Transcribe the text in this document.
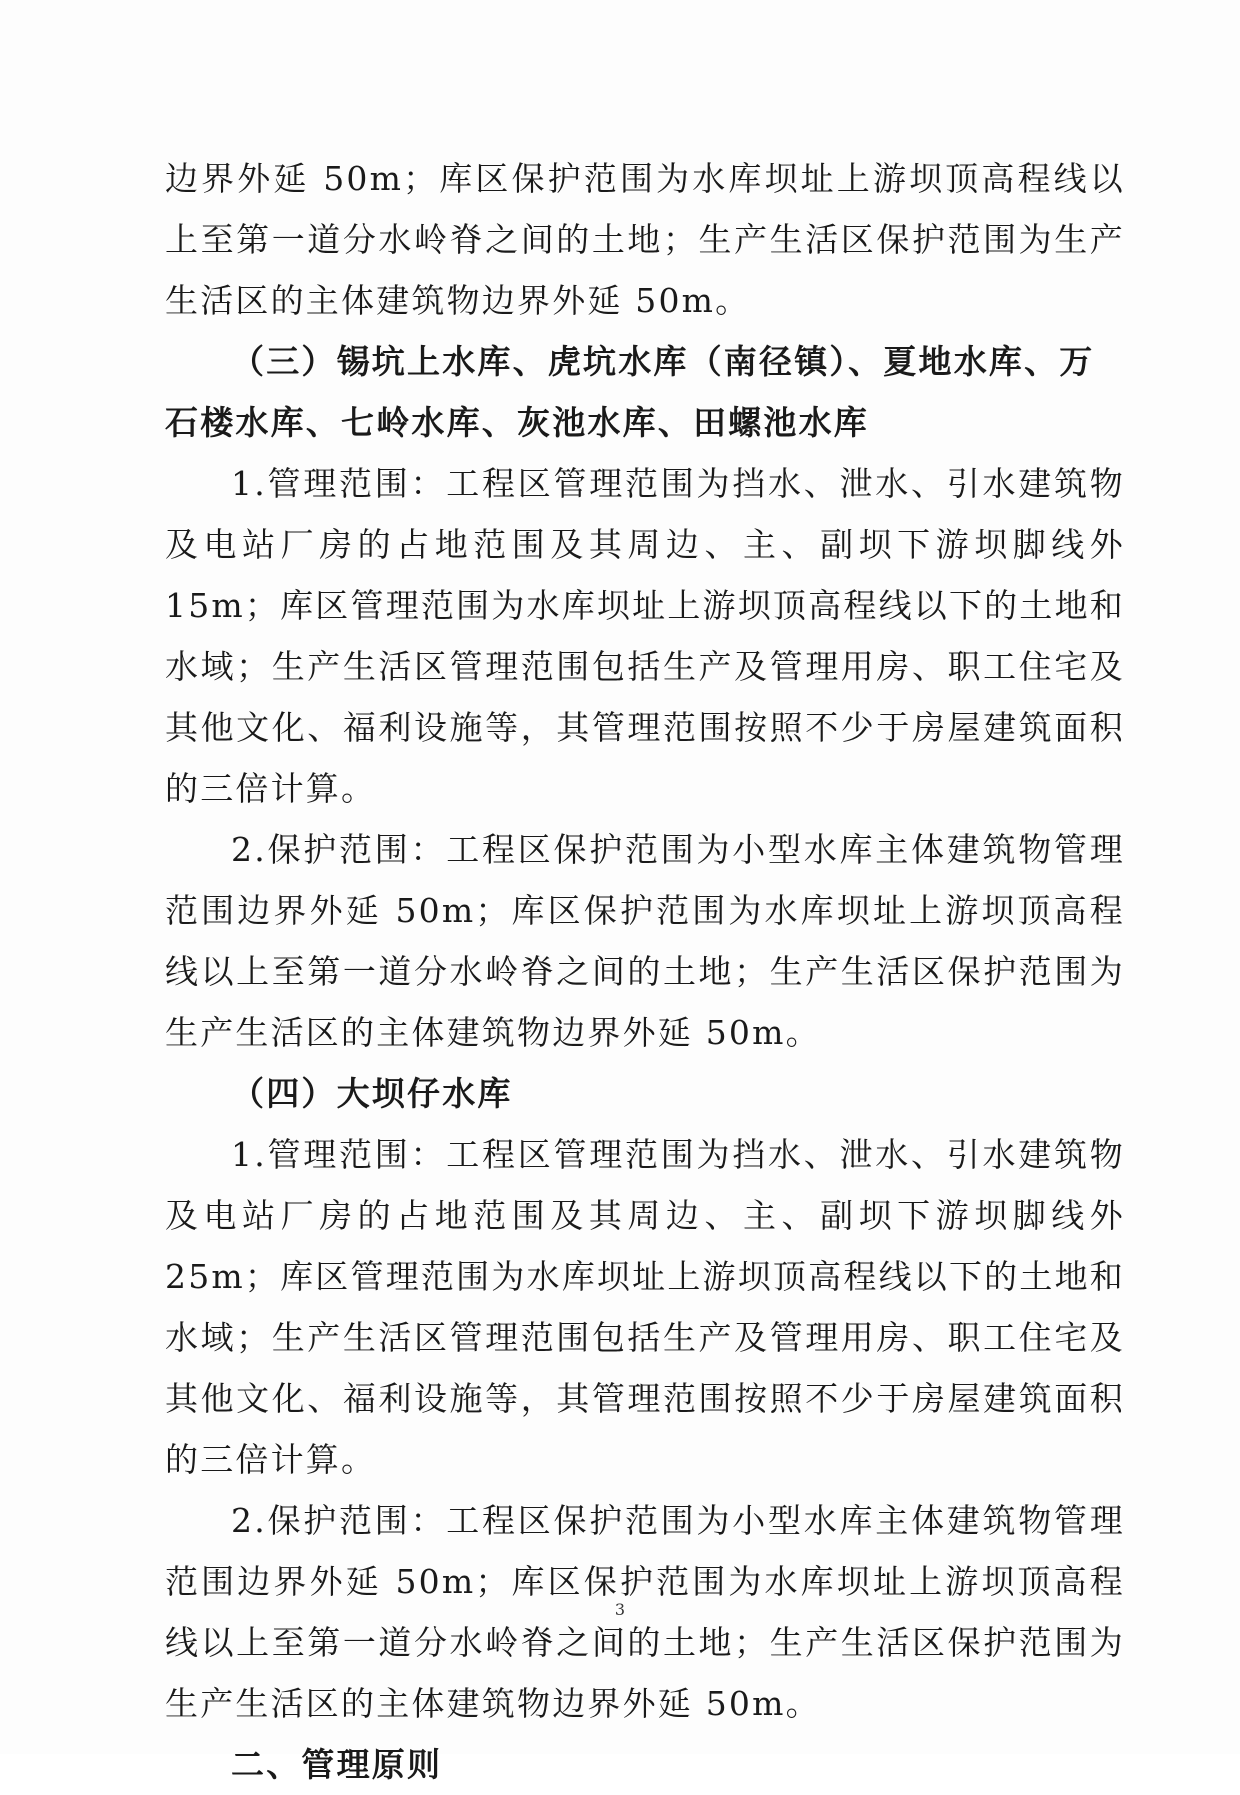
边界外延 50m；库区保护范围为水库坝址上游坝顶高程线以上至第一道分水岭脊之间的土地；生产生活区保护范围为生产生活区的主体建筑物边界外延 50m。

（三）锡坑上水库、虎坑水库（南径镇）、夏地水库、万石楼水库、七岭水库、灰池水库、田螺池水库

1.管理范围：工程区管理范围为挡水、泄水、引水建筑物及电站厂房的占地范围及其周边、主、副坝下游坝脚线外 15m；库区管理范围为水库坝址上游坝顶高程线以下的土地和水域；生产生活区管理范围包括生产及管理用房、职工住宅及其他文化、福利设施等，其管理范围按照不少于房屋建筑面积的三倍计算。

2.保护范围：工程区保护范围为小型水库主体建筑物管理范围边界外延 50m；库区保护范围为水库坝址上游坝顶高程线以上至第一道分水岭脊之间的土地；生产生活区保护范围为生产生活区的主体建筑物边界外延 50m。

（四）大坝仔水库

1.管理范围：工程区管理范围为挡水、泄水、引水建筑物及电站厂房的占地范围及其周边、主、副坝下游坝脚线外 25m；库区管理范围为水库坝址上游坝顶高程线以下的土地和水域；生产生活区管理范围包括生产及管理用房、职工住宅及其他文化、福利设施等，其管理范围按照不少于房屋建筑面积的三倍计算。

2.保护范围：工程区保护范围为小型水库主体建筑物管理范围边界外延 50m；库区保护范围为水库坝址上游坝顶高程线以上至第一道分水岭脊之间的土地；生产生活区保护范围为生产生活区的主体建筑物边界外延 50m。

二、管理原则

3
